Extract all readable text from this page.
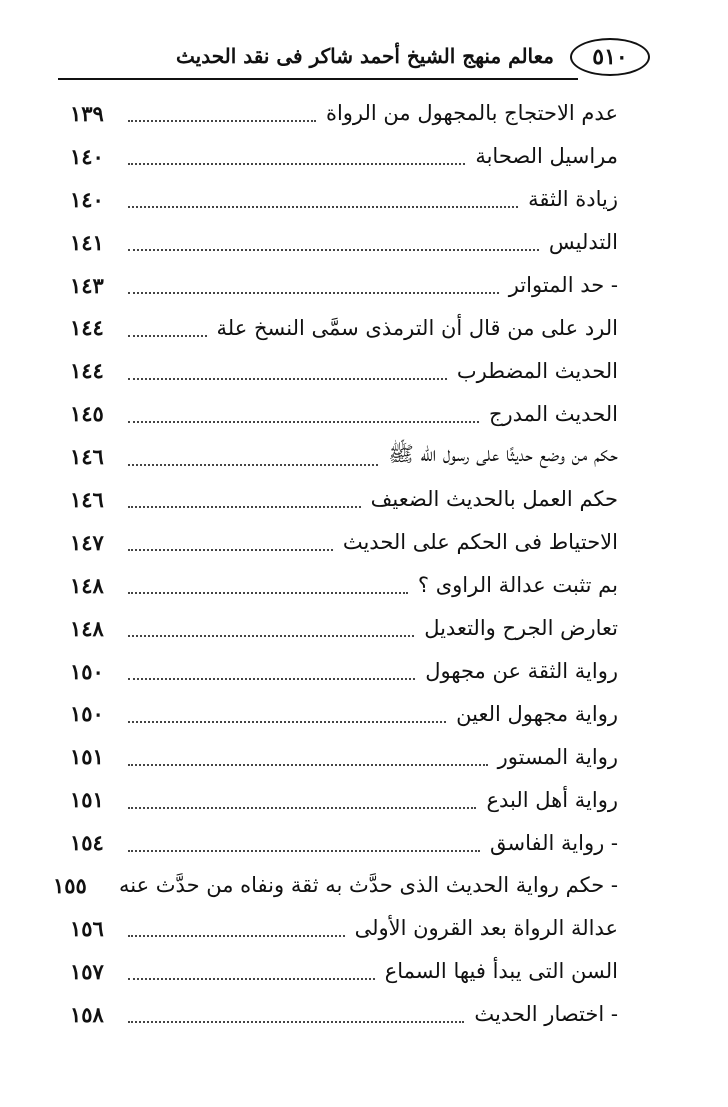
٥١٠
معالم منهج الشيخ أحمد شاكر فى نقد الحديث
عدم الاحتجاج بالمجهول من الرواة
١٣٩
مراسيل الصحابة
١٤٠
زيادة الثقة
١٤٠
التدليس
١٤١
- حد المتواتر
١٤٣
الرد على من قال أن الترمذى سمَّى النسخ علة
١٤٤
الحديث المضطرب
١٤٤
الحديث المدرج
١٤٥
حكم من وضع حديثًا على رسول الله ﷺ
١٤٦
حكم العمل بالحديث الضعيف
١٤٦
الاحتياط فى الحكم على الحديث
١٤٧
بم تثبت عدالة الراوى ؟
١٤٨
تعارض الجرح والتعديل
١٤٨
رواية الثقة عن مجهول
١٥٠
رواية مجهول العين
١٥٠
رواية المستور
١٥١
رواية أهل البدع
١٥١
- رواية الفاسق
١٥٤
- حكم رواية الحديث الذى حدَّث به ثقة ونفاه من حدَّث عنه
١٥٥
عدالة الرواة بعد القرون الأولى
١٥٦
السن التى يبدأ فيها السماع
١٥٧
- اختصار الحديث
١٥٨
